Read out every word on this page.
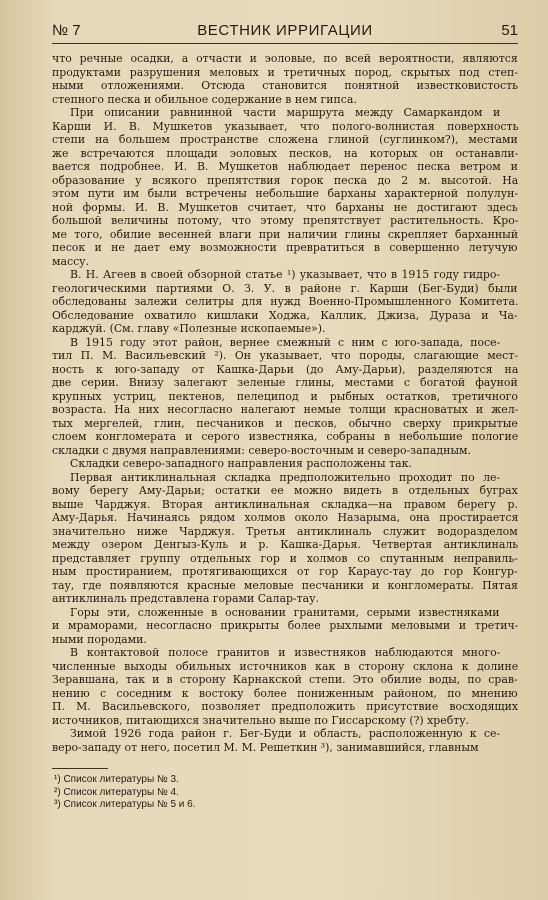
№ 7	ВЕСТНИК ИРРИГАЦИИ	51
что речные осадки, а отчасти и эоловые, по всей вероятности, являются
продуктами разрушения меловых и третичных пород, скрытых под степ-
ными отложениями. Отсюда становится понятной известковистость
степного песка и обильное содержание в нем гипса.
При описании равнинной части маршрута между Самаркандом и
Карши И. В. Мушкетов указывает, что полого-волнистая поверхность
степи на большем пространстве сложена глиной (суглинком?), местами
же встречаются площади эоловых песков, на которых он останавли-
вается подробнее. И. В. Мушкетов наблюдает перенос песка ветром и
образование у всякого препятствия горок песка до 2 м. высотой. На
этом пути им были встречены небольшие барханы характерной полулун-
ной формы. И. В. Мушкетов считает, что барханы не достигают здесь
большой величины потому, что этому препятствует растительность. Кро-
ме того, обилие весенней влаги при наличии глины скрепляет барханный
песок и не дает ему возможности превратиться в совершенно летучую
массу.
В. Н. Агеев в своей обзорной статье ¹) указывает, что в 1915 году гидро-
геологическими партиями О. З. У. в районе г. Карши (Бег-Буди) были
обследованы залежи селитры для нужд Военно-Промышленного Комитета.
Обследование охватило кишлаки Ходжа, Каллик, Джиза, Дураза и Ча-
карджуй. (См. главу «Полезные ископаемые»).
В 1915 году этот район, вернее смежный с ним с юго-запада, посе-
тил П. М. Васильевский ²). Он указывает, что породы, слагающие мест-
ность к юго-западу от Кашка-Дарьи (до Аму-Дарьи), разделяются на
две серии. Внизу залегают зеленые глины, местами с богатой фауной
крупных устриц, пектенов, пелеципод и рыбных остатков, третичного
возраста. На них несогласно налегают немые толщи красноватых и жел-
тых мергелей, глин, песчаников и песков, обычно сверху прикрытые
слоем конгломерата и серого известняка, собраны в небольшие пологие
складки с двумя направлениями: северо-восточным и северо-западным.
Складки северо-западного направления расположены так.
Первая антиклинальная складка предположительно проходит по ле-
вому берегу Аму-Дарьи; остатки ее можно видеть в отдельных буграх
выше Чарджуя. Вторая антиклинальная складка—на правом берегу р.
Аму-Дарья. Начинаясь рядом холмов около Назарыма, она простирается
значительно ниже Чарджуя. Третья антиклиналь служит водоразделом
между озером Денгыз-Куль и р. Кашка-Дарья. Четвертая антиклиналь
представляет группу отдельных гор и холмов со спутанным неправиль-
ным простиранием, протягивающихся от гор Караус-тау до гор Конгур-
тау, где появляются красные меловые песчаники и конгломераты. Пятая
антиклиналь представлена горами Салар-тау.
Горы эти, сложенные в основании гранитами, серыми известняками
и мраморами, несогласно прикрыты более рыхлыми меловыми и третич-
ными породами.
В контактовой полосе гранитов и известняков наблюдаются много-
численные выходы обильных источников как в сторону склона к долине
Зеравшана, так и в сторону Карнакской степи. Это обилие воды, по срав-
нению с соседним к востоку более пониженным районом, по мнению
П. М. Васильевского, позволяет предположить присутствие восходящих
источников, питающихся значительно выше по Гиссарскому (?) хребту.
Зимой 1926 года район г. Бег-Буди и область, расположенную к се-
веро-западу от него, посетил М. М. Решеткин ³), занимавшийся, главным
¹) Список литературы № 3.
²) Список литературы № 4.
³) Список литературы № 5 и 6.
